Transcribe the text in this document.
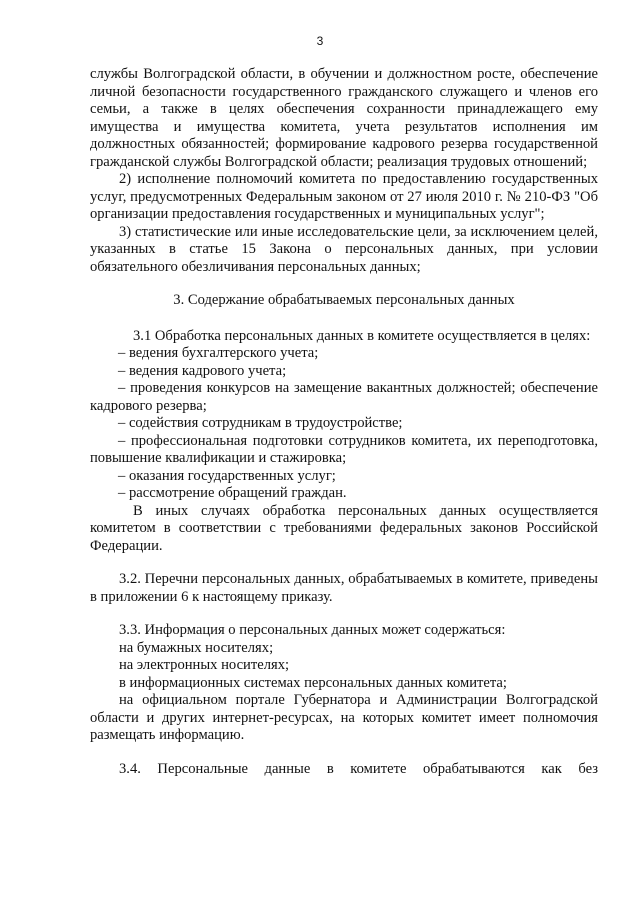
3

службы Волгоградской области, в обучении и должностном росте, обеспечение личной безопасности государственного гражданского служащего и членов его семьи, а также в целях обеспечения сохранности принадлежащего ему имущества и имущества комитета, учета результатов исполнения им должностных обязанностей; формирование кадрового резерва государственной гражданской службы Волгоградской области; реализация трудовых отношений;

2) исполнение полномочий комитета по предоставлению государственных услуг, предусмотренных Федеральным законом от 27 июля 2010 г. № 210-ФЗ "Об организации предоставления государственных и муниципальных услуг";

3) статистические или иные исследовательские цели, за исключением целей, указанных в статье 15 Закона о персональных данных, при условии обязательного обезличивания персональных данных;

3. Содержание обрабатываемых персональных данных

3.1 Обработка персональных данных в комитете осуществляется в целях:

– ведения бухгалтерского учета;

– ведения кадрового учета;

– проведения конкурсов на замещение вакантных должностей; обеспечение кадрового резерва;

– содействия сотрудникам в трудоустройстве;

– профессиональная подготовки сотрудников комитета, их переподготовка, повышение квалификации и стажировка;

– оказания государственных услуг;

– рассмотрение обращений граждан.

В иных случаях обработка персональных данных осуществляется комитетом в соответствии с требованиями федеральных законов Российской Федерации.

3.2. Перечни персональных данных, обрабатываемых в комитете, приведены в приложении 6 к настоящему приказу.

3.3. Информация о персональных данных может содержаться:

на бумажных носителях;

на электронных носителях;

в информационных системах персональных данных комитета;

на официальном портале Губернатора и Администрации Волгоградской области и других интернет-ресурсах, на которых комитет имеет полномочия размещать информацию.

3.4. Персональные данные в комитете обрабатываются как без
